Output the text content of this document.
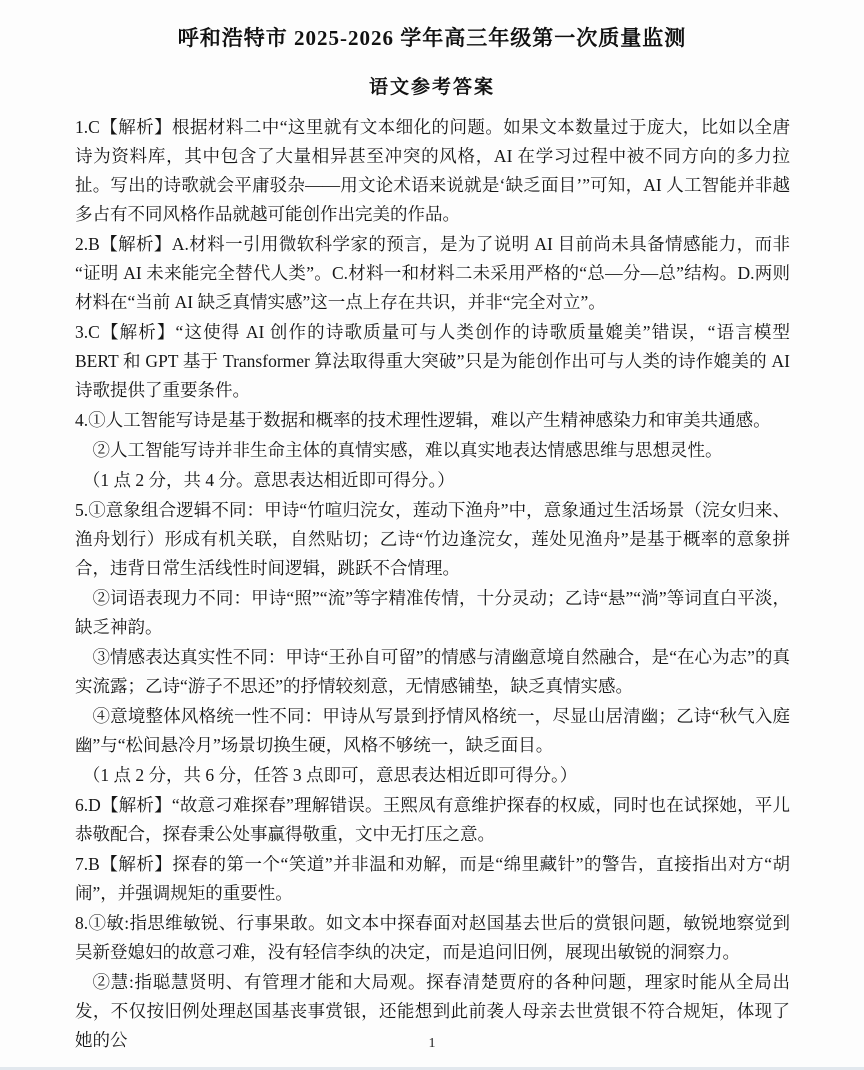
呼和浩特市 2025-2026 学年高三年级第一次质量监测
语文参考答案

1.C【解析】根据材料二中“这里就有文本细化的问题。如果文本数量过于庞大，比如以全唐诗为资料库，其中包含了大量相异甚至冲突的风格，AI 在学习过程中被不同方向的多力拉扯。写出的诗歌就会平庸驳杂——用文论术语来说就是‘缺乏面目’”可知，AI 人工智能并非越多占有不同风格作品就越可能创作出完美的作品。

2.B【解析】A.材料一引用微软科学家的预言，是为了说明 AI 目前尚未具备情感能力，而非“证明 AI 未来能完全替代人类”。C.材料一和材料二未采用严格的“总—分—总”结构。D.两则材料在“当前 AI 缺乏真情实感”这一点上存在共识，并非“完全对立”。

3.C【解析】“这使得 AI 创作的诗歌质量可与人类创作的诗歌质量媲美”错误，“语言模型 BERT 和 GPT 基于 Transformer 算法取得重大突破”只是为能创作出可与人类的诗作媲美的 AI 诗歌提供了重要条件。

4.①人工智能写诗是基于数据和概率的技术理性逻辑，难以产生精神感染力和审美共通感。

②人工智能写诗并非生命主体的真情实感，难以真实地表达情感思维与思想灵性。

（1 点 2 分，共 4 分。意思表达相近即可得分。）

5.①意象组合逻辑不同：甲诗“竹喧归浣女，莲动下渔舟”中，意象通过生活场景（浣女归来、渔舟划行）形成有机关联，自然贴切；乙诗“竹边逢浣女，莲处见渔舟”是基于概率的意象拼合，违背日常生活线性时间逻辑，跳跃不合情理。

②词语表现力不同：甲诗“照”“流”等字精准传情，十分灵动；乙诗“悬”“淌”等词直白平淡，缺乏神韵。

③情感表达真实性不同：甲诗“王孙自可留”的情感与清幽意境自然融合，是“在心为志”的真实流露；乙诗“游子不思还”的抒情较刻意，无情感铺垫，缺乏真情实感。

④意境整体风格统一性不同：甲诗从写景到抒情风格统一，尽显山居清幽；乙诗“秋气入庭幽”与“松间悬冷月”场景切换生硬，风格不够统一，缺乏面目。

（1 点 2 分，共 6 分，任答 3 点即可，意思表达相近即可得分。）

6.D【解析】“故意刁难探春”理解错误。王熙凤有意维护探春的权威，同时也在试探她，平儿恭敬配合，探春秉公处事赢得敬重，文中无打压之意。

7.B【解析】探春的第一个“笑道”并非温和劝解，而是“绵里藏针”的警告，直接指出对方“胡闹”，并强调规矩的重要性。

8.①敏:指思维敏锐、行事果敢。如文本中探春面对赵国基去世后的赏银问题，敏锐地察觉到吴新登媳妇的故意刁难，没有轻信李纨的决定，而是追问旧例，展现出敏锐的洞察力。

②慧:指聪慧贤明、有管理才能和大局观。探春清楚贾府的各种问题，理家时能从全局出发，不仅按旧例处理赵国基丧事赏银，还能想到此前袭人母亲去世赏银不符合规矩，体现了她的公	1
